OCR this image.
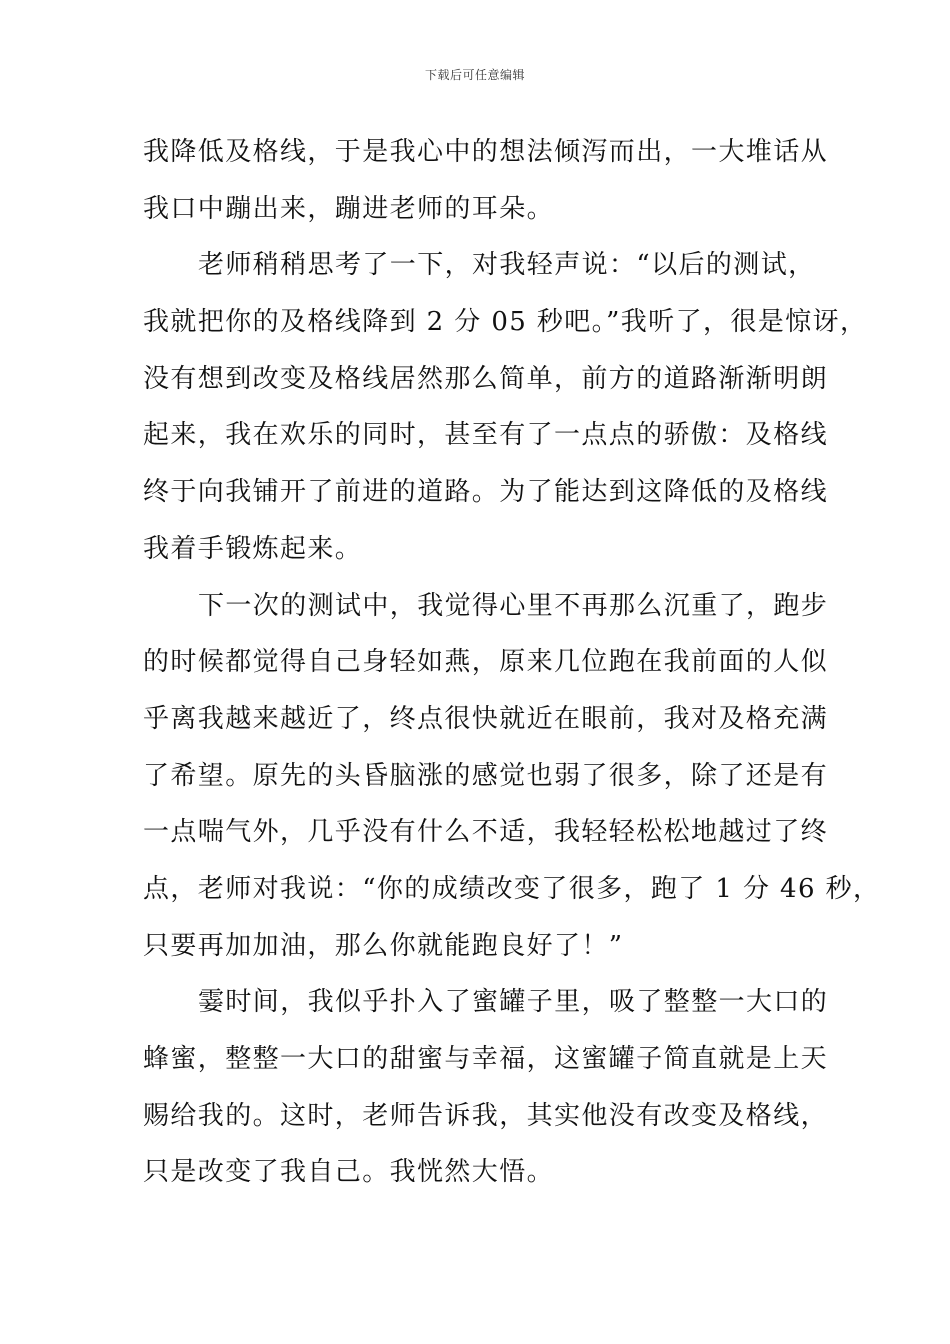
下载后可任意编辑
我降低及格线，于是我心中的想法倾泻而出，一大堆话从
我口中蹦出来，蹦进老师的耳朵。
老师稍稍思考了一下，对我轻声说：“以后的测试，
我就把你的及格线降到 2 分 05 秒吧。”我听了，很是惊讶，
没有想到改变及格线居然那么简单，前方的道路渐渐明朗
起来，我在欢乐的同时，甚至有了一点点的骄傲：及格线
终于向我铺开了前进的道路。为了能达到这降低的及格线
我着手锻炼起来。
下一次的测试中，我觉得心里不再那么沉重了，跑步
的时候都觉得自己身轻如燕，原来几位跑在我前面的人似
乎离我越来越近了，终点很快就近在眼前，我对及格充满
了希望。原先的头昏脑涨的感觉也弱了很多，除了还是有
一点喘气外，几乎没有什么不适，我轻轻松松地越过了终
点，老师对我说：“你的成绩改变了很多，跑了 1 分 46 秒，
只要再加加油，那么你就能跑良好了！”
霎时间，我似乎扑入了蜜罐子里，吸了整整一大口的
蜂蜜，整整一大口的甜蜜与幸福，这蜜罐子简直就是上天
赐给我的。这时，老师告诉我，其实他没有改变及格线，
只是改变了我自己。我恍然大悟。
